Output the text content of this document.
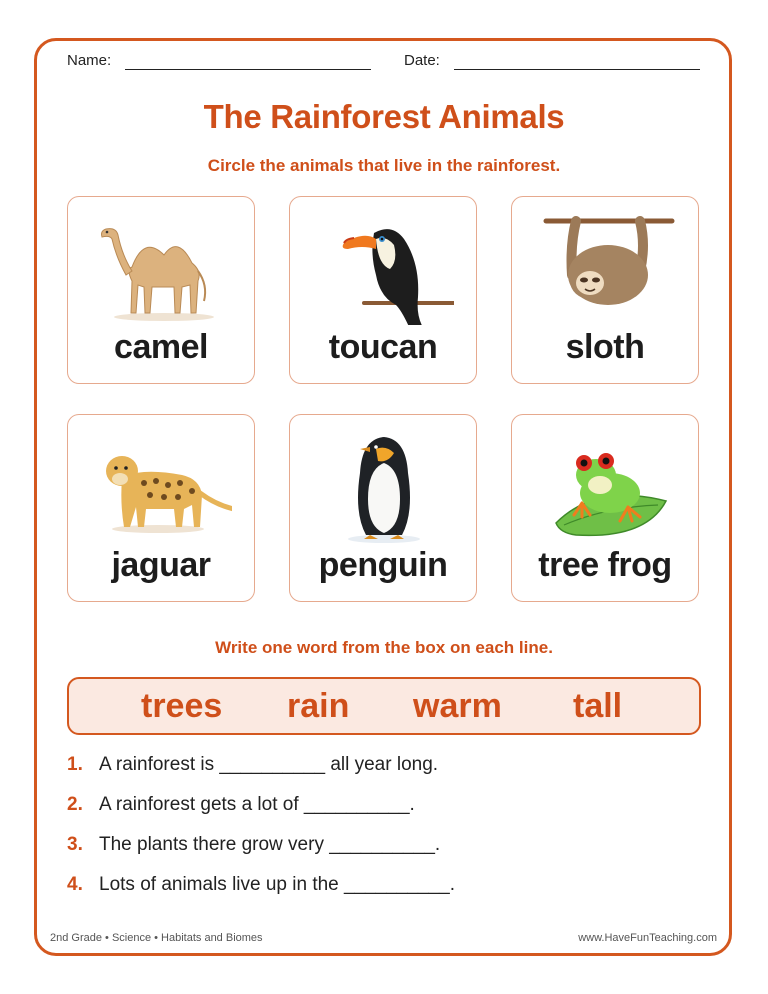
Name:	Date:
The Rainforest Animals
Circle the animals that live in the rainforest.
camel	toucan	sloth
jaguar	penguin	tree frog
Write one word from the box on each line.
trees rain warm tall
1. A rainforest is __________ all year long.
2. A rainforest gets a lot of __________.
3. The plants there grow very __________.
4. Lots of animals live up in the __________.
2nd Grade • Science • Habitats and Biomes	www.HaveFunTeaching.com
